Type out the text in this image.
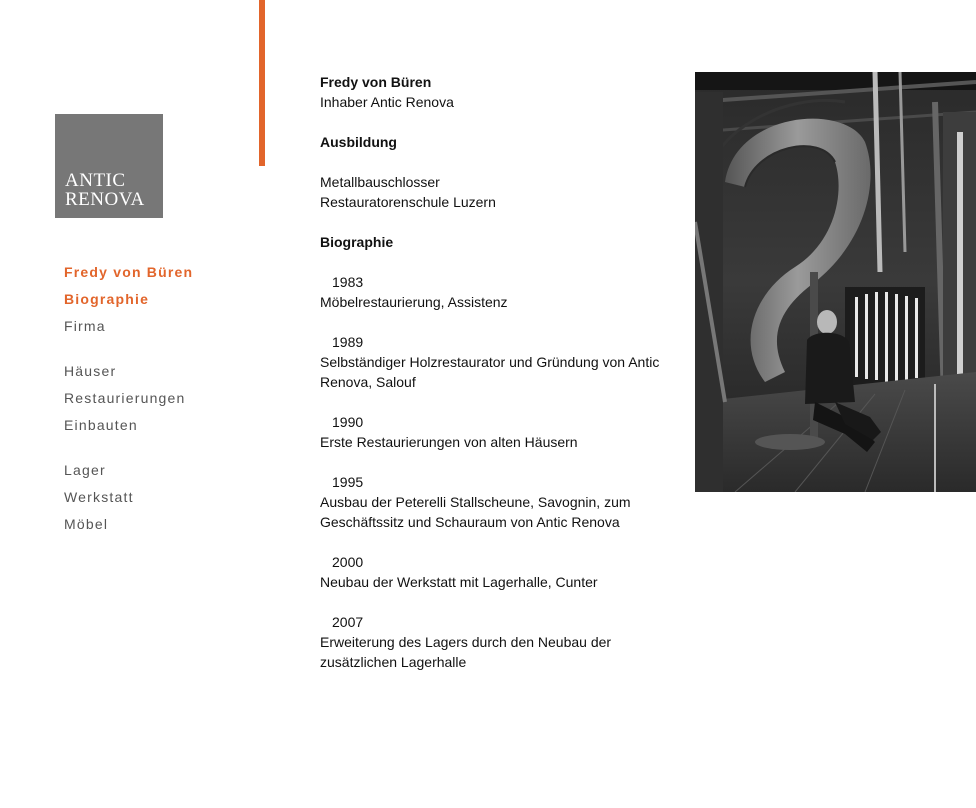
ANTIC
RENOVA
Fredy von Büren
Biographie
Firma
Häuser
Restaurierungen
Einbauten
Lager
Werkstatt
Möbel
Fredy von Büren
Inhaber Antic Renova
Ausbildung
Metallbauschlosser
Restauratorenschule Luzern
Biographie
1983
Möbelrestaurierung, Assistenz
1989
Selbständiger Holzrestaurator und Gründung von Antic
Renova, Salouf
1990
Erste Restaurierungen von alten Häusern
1995
Ausbau der Peterelli Stallscheune, Savognin, zum
Geschäftssitz und Schauraum von Antic Renova
2000
Neubau der Werkstatt mit Lagerhalle, Cunter
2007
Erweiterung des Lagers durch den Neubau der
zusätzlichen Lagerhalle
